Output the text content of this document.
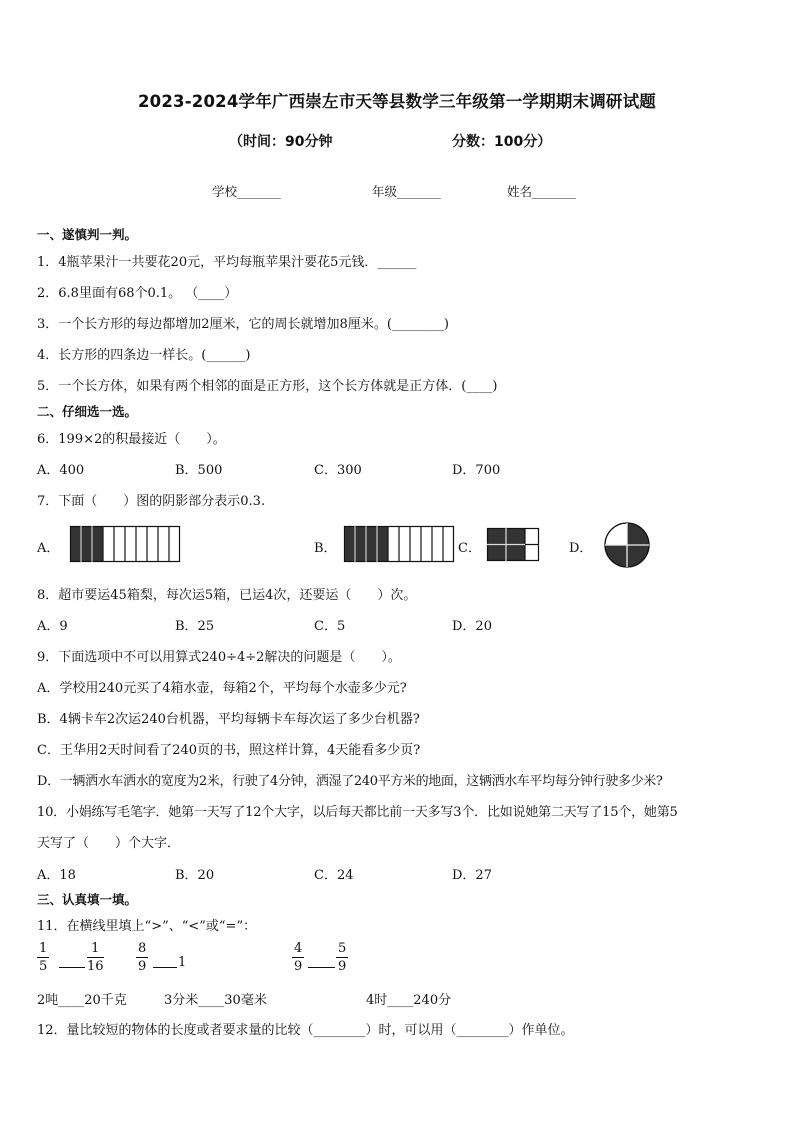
2023-2024学年广西崇左市天等县数学三年级第一学期期末调研试题
（时间：90分钟	分数：100分）
学校_______	年级_______	姓名_______
一、遂慎判一判。
1．4瓶苹果汁一共要花20元，平均每瓶苹果汁要花5元钱．______
2．6.8里面有68个0.1。 （____）
3．一个长方形的每边都增加2厘米，它的周长就增加8厘米。(________)
4．长方形的四条边一样长。(______)
5．一个长方体，如果有两个相邻的面是正方形，这个长方体就是正方体．(____)
二、仔细选一选。
6．199×2的积最接近（　　）。
A．400	B．500	C．300	D．700
7．下面（　　）图的阴影部分表示0.3.
A．	B．	C．	D．
8．超市要运45箱梨，每次运5箱，已运4次，还要运（　　）次。
A．9	B．25	C．5	D．20
9．下面选项中不可以用算式240÷4÷2解决的问题是（　　）。
A．学校用240元买了4箱水壶，每箱2个，平均每个水壶多少元?
B．4辆卡车2次运240台机器，平均每辆卡车每次运了多少台机器?
C．王华用2天时间看了240页的书，照这样计算，4天能看多少页?
D．一辆洒水车洒水的宽度为2米，行驶了4分钟，洒湿了240平方米的地面，这辆洒水车平均每分钟行驶多少米?
10．小娟练写毛笔字．她第一天写了12个大字，以后每天都比前一天多写3个．比如说她第二天写了15个，她第5
天写了（　　）个大字．
A．18	B．20	C．24	D．27
三、认真填一填。
11．在横线里填上“>”、“<”或“=”：
$\frac{1}{5}$	$\frac{1}{16} \frac{8}{9} 1$	$\frac{4}{9} \frac{5}{9}$
2吨____20千克	3分米____30毫米	4时____240分
12．量比较短的物体的长度或者要求量的比较（________）时，可以用（________）作单位。
